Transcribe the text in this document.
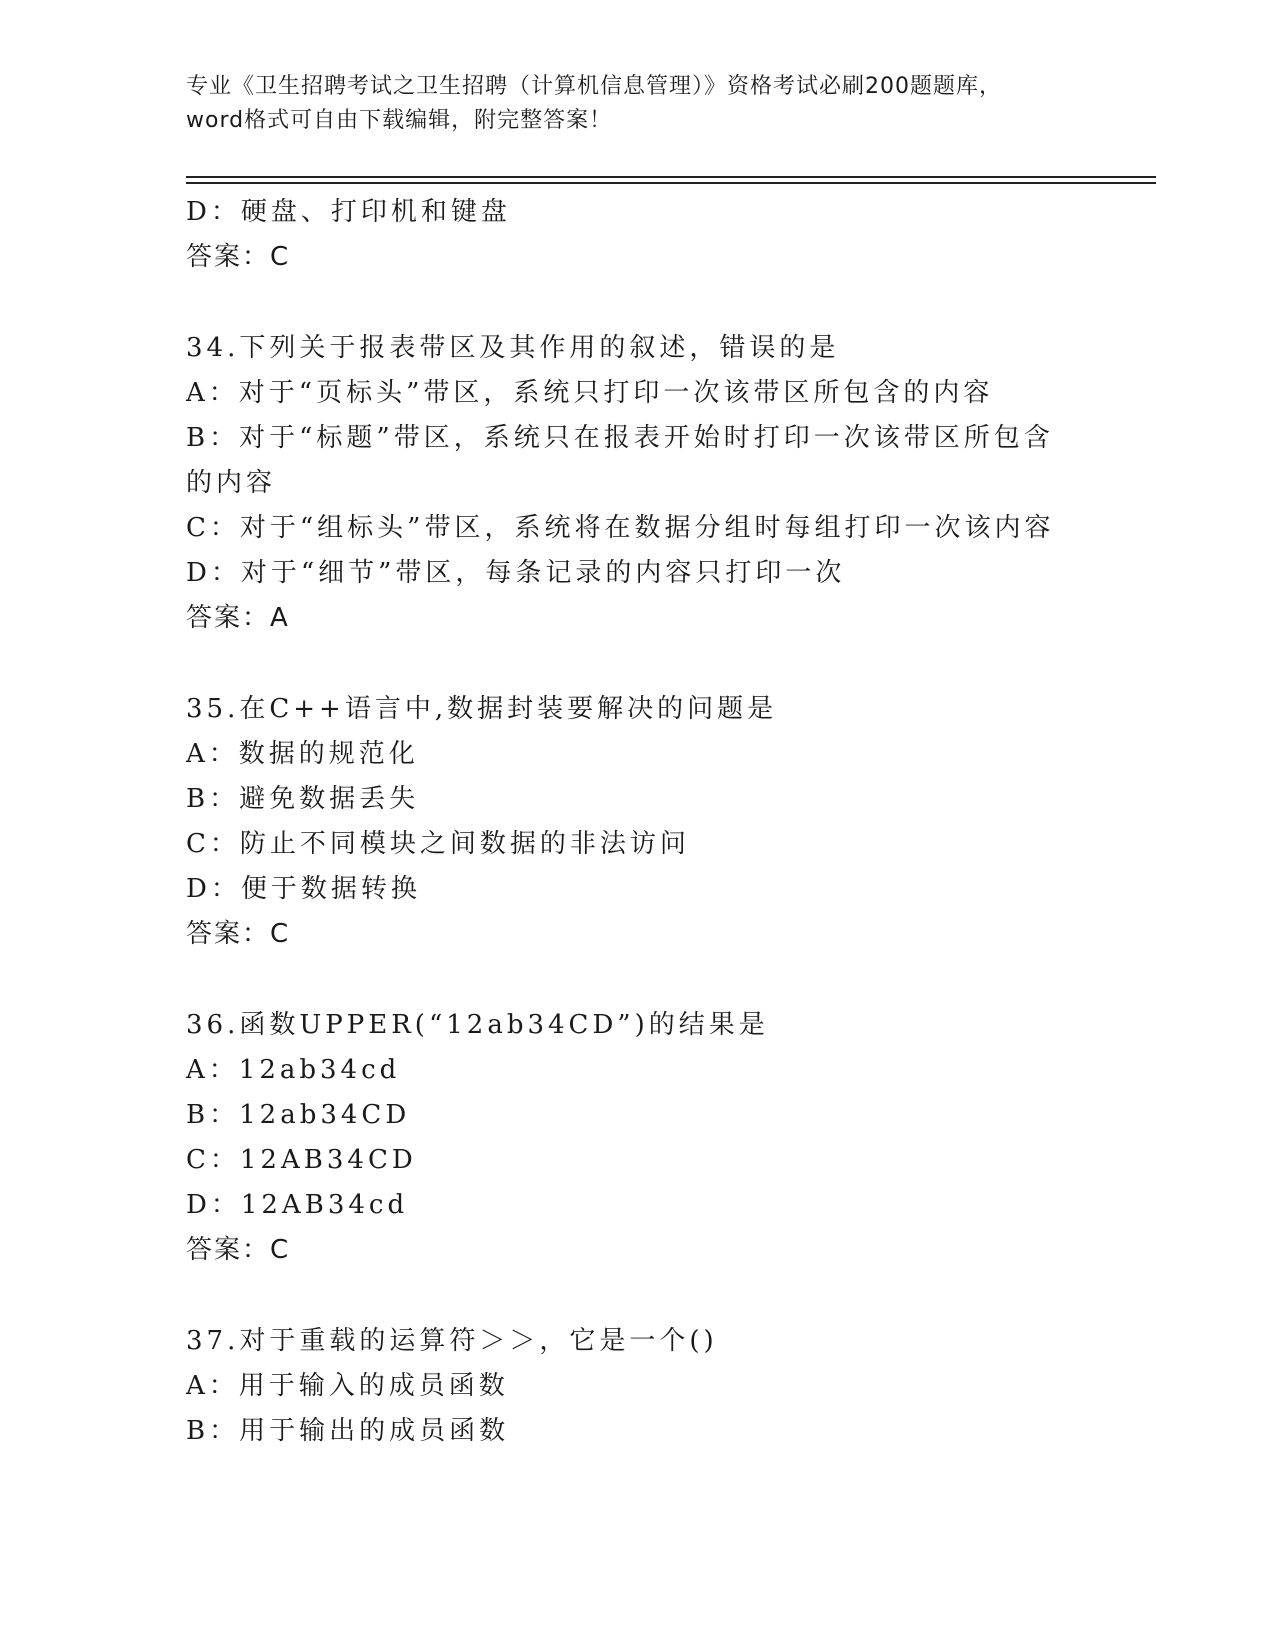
专业《卫生招聘考试之卫生招聘（计算机信息管理）》资格考试必刷200题题库，
word格式可自由下载编辑，附完整答案！
D：硬盘、打印机和键盘
答案：C
34.下列关于报表带区及其作用的叙述，错误的是
A：对于“页标头”带区，系统只打印一次该带区所包含的内容
B：对于“标题”带区，系统只在报表开始时打印一次该带区所包含的内容
C：对于“组标头”带区，系统将在数据分组时每组打印一次该内容
D：对于“细节”带区，每条记录的内容只打印一次
答案：A
35.在C++语言中,数据封装要解决的问题是
A：数据的规范化
B：避免数据丢失
C：防止不同模块之间数据的非法访问
D：便于数据转换
答案：C
36.函数UPPER(“12ab34CD”)的结果是
A：12ab34cd
B：12ab34CD
C：12AB34CD
D：12AB34cd
答案：C
37.对于重载的运算符＞＞，它是一个()
A：用于输入的成员函数
B：用于输出的成员函数
